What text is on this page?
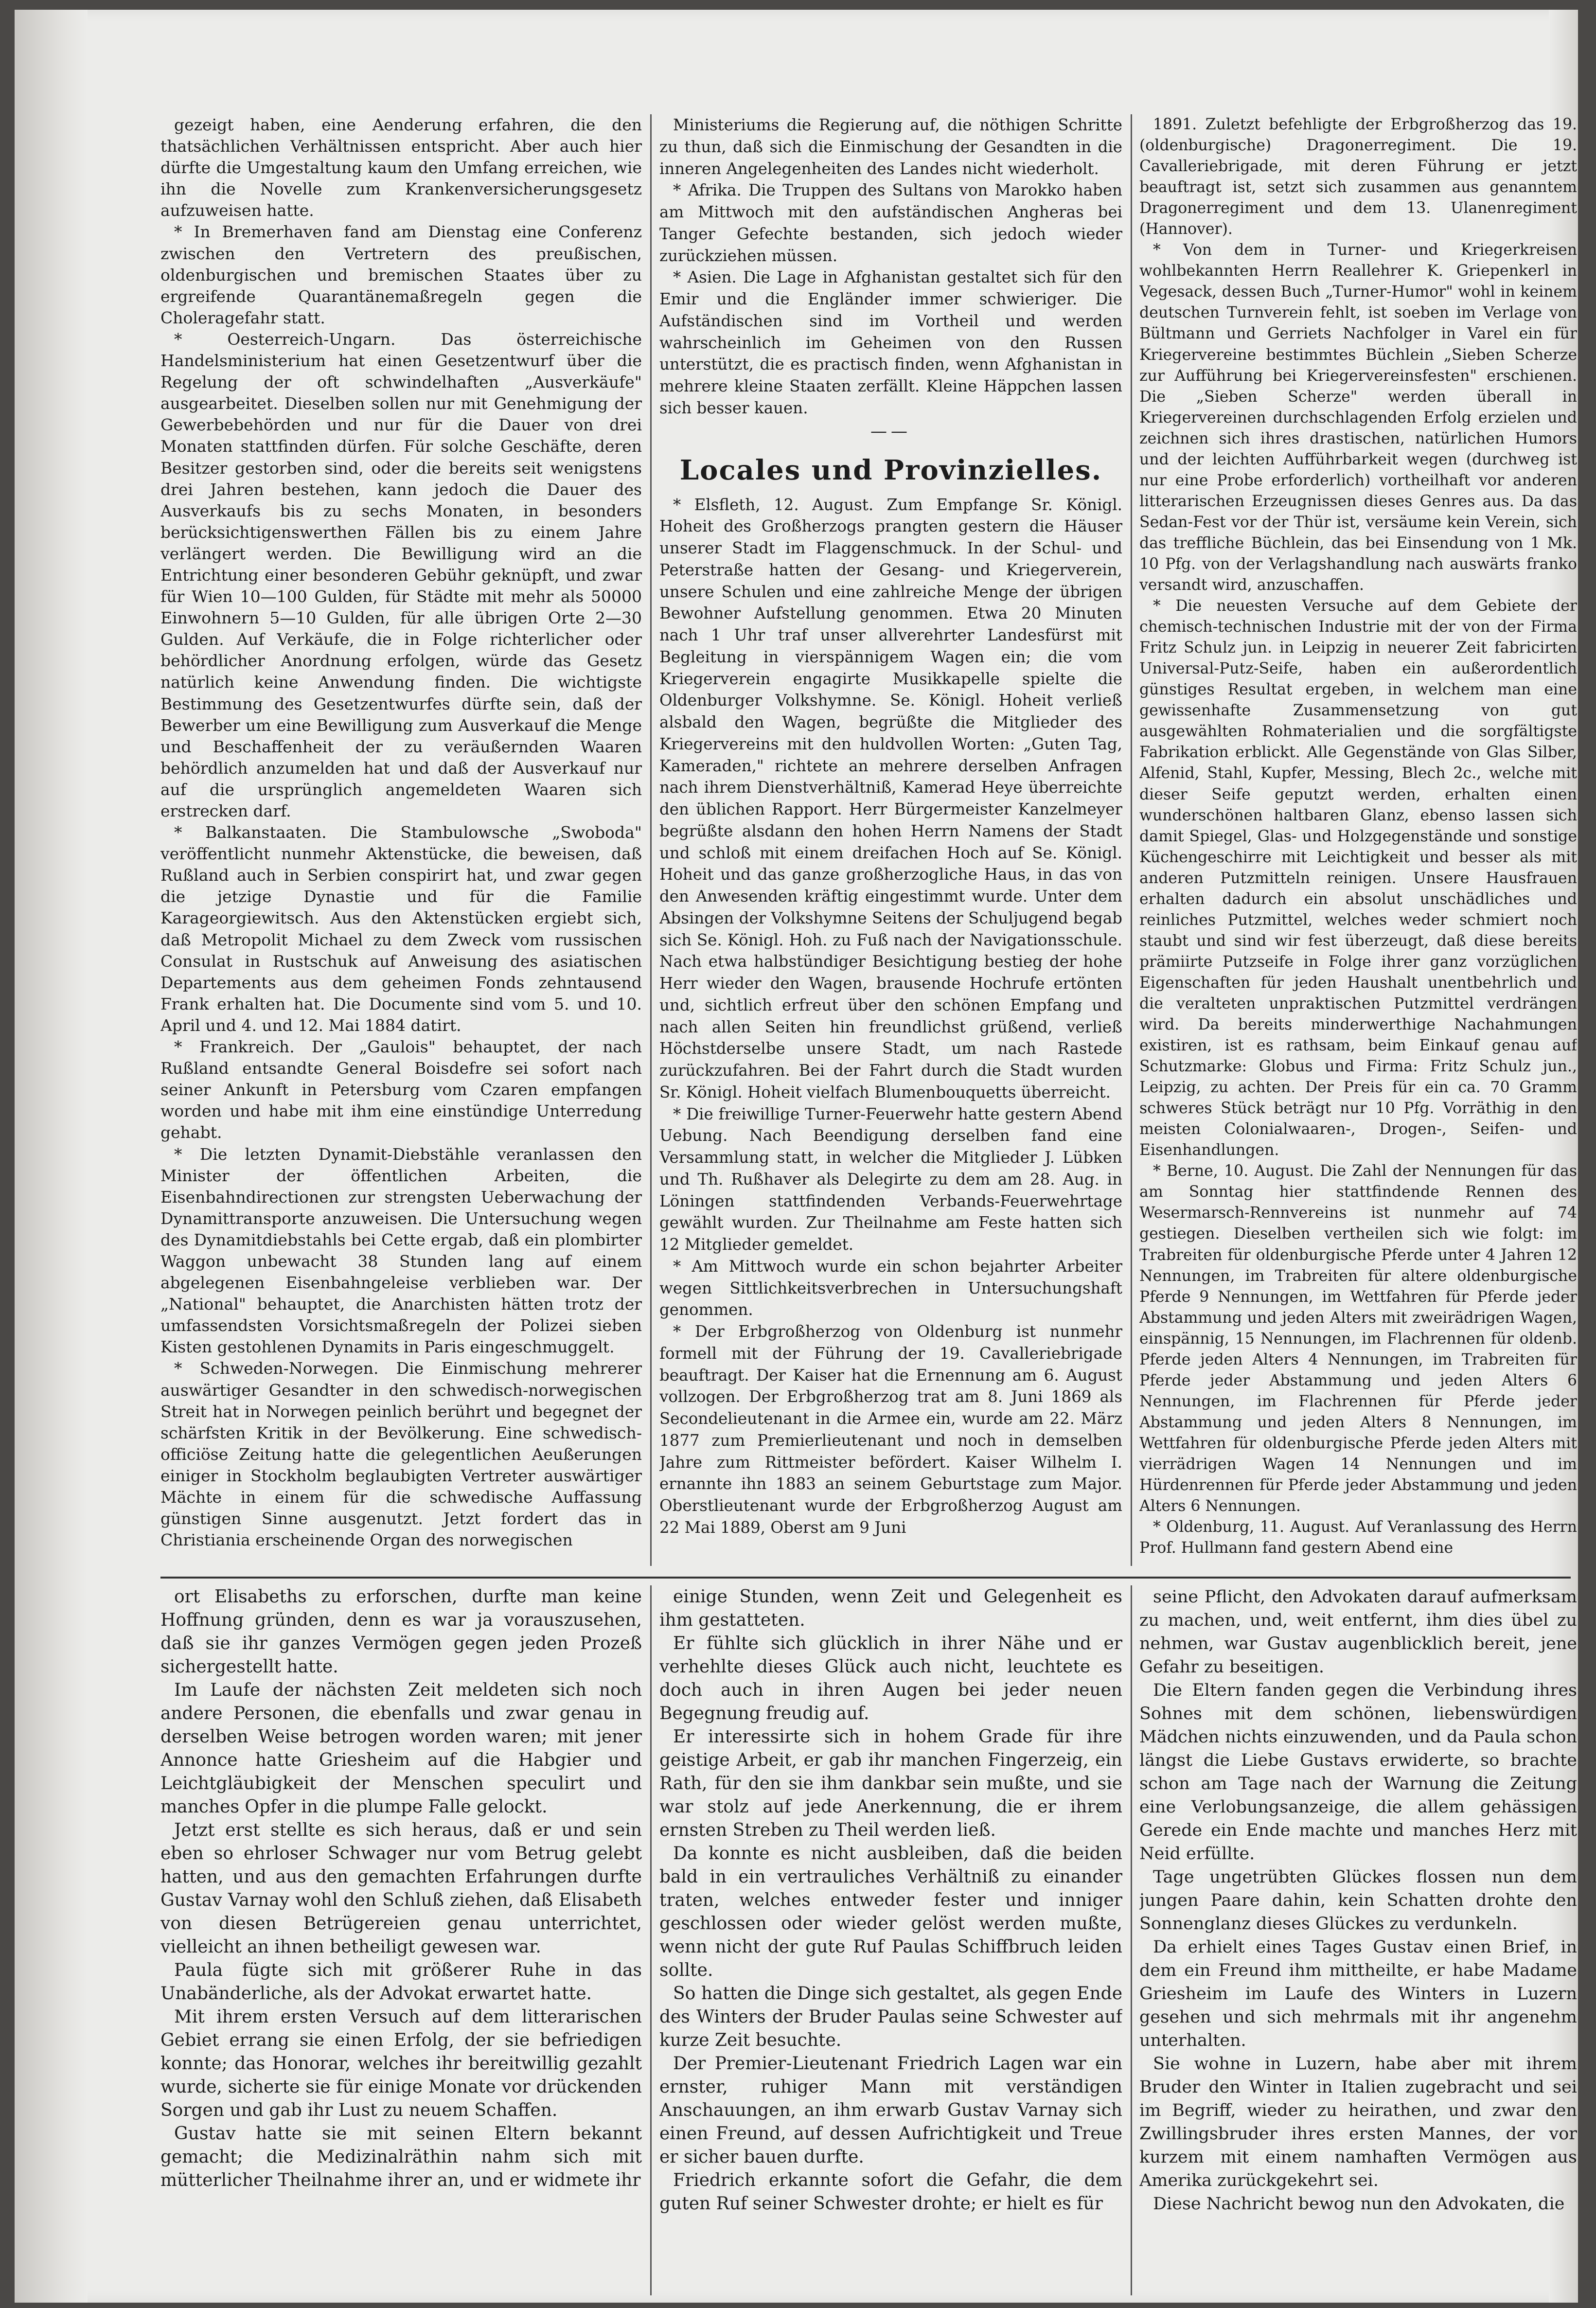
gezeigt haben, eine Aenderung erfahren, die den thatsächlichen Verhältnissen entspricht. Aber auch hier dürfte die Umgestaltung kaum den Umfang erreichen, wie ihn die Novelle zum Krankenversicherungsgesetz aufzuweisen hatte.

* In Bremerhaven fand am Dienstag eine Conferenz zwischen den Vertretern des preußischen, oldenburgischen und bremischen Staates über zu ergreifende Quarantänemaßregeln gegen die Choleragefahr statt.

* Oesterreich-Ungarn. Das österreichische Handelsministerium hat einen Gesetzentwurf über die Regelung der oft schwindelhaften „Ausverkäufe" ausgearbeitet. Dieselben sollen nur mit Genehmigung der Gewerbebehörden und nur für die Dauer von drei Monaten stattfinden dürfen. Für solche Geschäfte, deren Besitzer gestorben sind, oder die bereits seit wenigstens drei Jahren bestehen, kann jedoch die Dauer des Ausverkaufs bis zu sechs Monaten, in besonders berücksichtigenswerthen Fällen bis zu einem Jahre verlängert werden. Die Bewilligung wird an die Entrichtung einer besonderen Gebühr geknüpft, und zwar für Wien 10—100 Gulden, für Städte mit mehr als 50000 Einwohnern 5—10 Gulden, für alle übrigen Orte 2—30 Gulden. Auf Verkäufe, die in Folge richterlicher oder behördlicher Anordnung erfolgen, würde das Gesetz natürlich keine Anwendung finden. Die wichtigste Bestimmung des Gesetzentwurfes dürfte sein, daß der Bewerber um eine Bewilligung zum Ausverkauf die Menge und Beschaffenheit der zu veräußernden Waaren behördlich anzumelden hat und daß der Ausverkauf nur auf die ursprünglich angemeldeten Waaren sich erstrecken darf.

* Balkanstaaten. Die Stambulowsche „Swoboda" veröffentlicht nunmehr Aktenstücke, die beweisen, daß Rußland auch in Serbien conspirirt hat, und zwar gegen die jetzige Dynastie und für die Familie Karageorgiewitsch. Aus den Aktenstücken ergiebt sich, daß Metropolit Michael zu dem Zweck vom russischen Consulat in Rustschuk auf Anweisung des asiatischen Departements aus dem geheimen Fonds zehntausend Frank erhalten hat. Die Documente sind vom 5. und 10. April und 4. und 12. Mai 1884 datirt.

* Frankreich. Der „Gaulois" behauptet, der nach Rußland entsandte General Boisdefre sei sofort nach seiner Ankunft in Petersburg vom Czaren empfangen worden und habe mit ihm eine einstündige Unterredung gehabt.

* Die letzten Dynamit-Diebstähle veranlassen den Minister der öffentlichen Arbeiten, die Eisenbahndirectionen zur strengsten Ueberwachung der Dynamittransporte anzuweisen. Die Untersuchung wegen des Dynamitdiebstahls bei Cette ergab, daß ein plombirter Waggon unbewacht 38 Stunden lang auf einem abgelegenen Eisenbahngeleise verblieben war. Der „National" behauptet, die Anarchisten hätten trotz der umfassendsten Vorsichtsmaßregeln der Polizei sieben Kisten gestohlenen Dynamits in Paris eingeschmuggelt.

* Schweden-Norwegen. Die Einmischung mehrerer auswärtiger Gesandter in den schwedisch-norwegischen Streit hat in Norwegen peinlich berührt und begegnet der schärfsten Kritik in der Bevölkerung. Eine schwedisch-officiöse Zeitung hatte die gelegentlichen Aeußerungen einiger in Stockholm beglaubigten Vertreter auswärtiger Mächte in einem für die schwedische Auffassung günstigen Sinne ausgenutzt. Jetzt fordert das in Christiania erscheinende Organ des norwegischen

Ministeriums die Regierung auf, die nöthigen Schritte zu thun, daß sich die Einmischung der Gesandten in die inneren Angelegenheiten des Landes nicht wiederholt.

* Afrika. Die Truppen des Sultans von Marokko haben am Mittwoch mit den aufständischen Angheras bei Tanger Gefechte bestanden, sich jedoch wieder zurückziehen müssen.

* Asien. Die Lage in Afghanistan gestaltet sich für den Emir und die Engländer immer schwieriger. Die Aufständischen sind im Vortheil und werden wahrscheinlich im Geheimen von den Russen unterstützt, die es practisch finden, wenn Afghanistan in mehrere kleine Staaten zerfällt. Kleine Häppchen lassen sich besser kauen.

——

Locales und Provinzielles.

* Elsfleth, 12. August. Zum Empfange Sr. Königl. Hoheit des Großherzogs prangten gestern die Häuser unserer Stadt im Flaggenschmuck. In der Schul- und Peterstraße hatten der Gesang- und Kriegerverein, unsere Schulen und eine zahlreiche Menge der übrigen Bewohner Aufstellung genommen. Etwa 20 Minuten nach 1 Uhr traf unser allverehrter Landesfürst mit Begleitung in vierspännigem Wagen ein; die vom Kriegerverein engagirte Musikkapelle spielte die Oldenburger Volkshymne. Se. Königl. Hoheit verließ alsbald den Wagen, begrüßte die Mitglieder des Kriegervereins mit den huldvollen Worten: „Guten Tag, Kameraden," richtete an mehrere derselben Anfragen nach ihrem Dienstverhältniß, Kamerad Heye überreichte den üblichen Rapport. Herr Bürgermeister Kanzelmeyer begrüßte alsdann den hohen Herrn Namens der Stadt und schloß mit einem dreifachen Hoch auf Se. Königl. Hoheit und das ganze großherzogliche Haus, in das von den Anwesenden kräftig eingestimmt wurde. Unter dem Absingen der Volkshymne Seitens der Schuljugend begab sich Se. Königl. Hoh. zu Fuß nach der Navigationsschule. Nach etwa halbstündiger Besichtigung bestieg der hohe Herr wieder den Wagen, brausende Hochrufe ertönten und, sichtlich erfreut über den schönen Empfang und nach allen Seiten hin freundlichst grüßend, verließ Höchstderselbe unsere Stadt, um nach Rastede zurückzufahren. Bei der Fahrt durch die Stadt wurden Sr. Königl. Hoheit vielfach Blumenbouquetts überreicht.

* Die freiwillige Turner-Feuerwehr hatte gestern Abend Uebung. Nach Beendigung derselben fand eine Versammlung statt, in welcher die Mitglieder J. Lübken und Th. Rußhaver als Delegirte zu dem am 28. Aug. in Löningen stattfindenden Verbands-Feuerwehrtage gewählt wurden. Zur Theilnahme am Feste hatten sich 12 Mitglieder gemeldet.

* Am Mittwoch wurde ein schon bejahrter Arbeiter wegen Sittlichkeitsverbrechen in Untersuchungshaft genommen.

* Der Erbgroßherzog von Oldenburg ist nunmehr formell mit der Führung der 19. Cavalleriebrigade beauftragt. Der Kaiser hat die Ernennung am 6. August vollzogen. Der Erbgroßherzog trat am 8. Juni 1869 als Secondelieutenant in die Armee ein, wurde am 22. März 1877 zum Premierlieutenant und noch in demselben Jahre zum Rittmeister befördert. Kaiser Wilhelm I. ernannte ihn 1883 an seinem Geburtstage zum Major. Oberstlieutenant wurde der Erbgroßherzog August am 22 Mai 1889, Oberst am 9 Juni

1891. Zuletzt befehligte der Erbgroßherzog das 19. (oldenburgische) Dragonerregiment. Die 19. Cavalleriebrigade, mit deren Führung er jetzt beauftragt ist, setzt sich zusammen aus genanntem Dragonerregiment und dem 13. Ulanenregiment (Hannover).

* Von dem in Turner- und Kriegerkreisen wohlbekannten Herrn Reallehrer K. Griepenkerl in Vegesack, dessen Buch „Turner-Humor" wohl in keinem deutschen Turnverein fehlt, ist soeben im Verlage von Bültmann und Gerriets Nachfolger in Varel ein für Kriegervereine bestimmtes Büchlein „Sieben Scherze zur Aufführung bei Kriegervereinsfesten" erschienen. Die „Sieben Scherze" werden überall in Kriegervereinen durchschlagenden Erfolg erzielen und zeichnen sich ihres drastischen, natürlichen Humors und der leichten Aufführbarkeit wegen (durchweg ist nur eine Probe erforderlich) vortheilhaft vor anderen litterarischen Erzeugnissen dieses Genres aus. Da das Sedan-Fest vor der Thür ist, versäume kein Verein, sich das treffliche Büchlein, das bei Einsendung von 1 Mk. 10 Pfg. von der Verlagshandlung nach auswärts franko versandt wird, anzuschaffen.

* Die neuesten Versuche auf dem Gebiete der chemisch-technischen Industrie mit der von der Firma Fritz Schulz jun. in Leipzig in neuerer Zeit fabricirten Universal-Putz-Seife, haben ein außerordentlich günstiges Resultat ergeben, in welchem man eine gewissenhafte Zusammensetzung von gut ausgewählten Rohmaterialien und die sorgfältigste Fabrikation erblickt. Alle Gegenstände von Glas Silber, Alfenid, Stahl, Kupfer, Messing, Blech 2c., welche mit dieser Seife geputzt werden, erhalten einen wunderschönen haltbaren Glanz, ebenso lassen sich damit Spiegel, Glas- und Holzgegenstände und sonstige Küchengeschirre mit Leichtigkeit und besser als mit anderen Putzmitteln reinigen. Unsere Hausfrauen erhalten dadurch ein absolut unschädliches und reinliches Putzmittel, welches weder schmiert noch staubt und sind wir fest überzeugt, daß diese bereits prämiirte Putzseife in Folge ihrer ganz vorzüglichen Eigenschaften für jeden Haushalt unentbehrlich und die veralteten unpraktischen Putzmittel verdrängen wird. Da bereits minderwerthige Nachahmungen existiren, ist es rathsam, beim Einkauf genau auf Schutzmarke: Globus und Firma: Fritz Schulz jun., Leipzig, zu achten. Der Preis für ein ca. 70 Gramm schweres Stück beträgt nur 10 Pfg. Vorräthig in den meisten Colonialwaaren-, Drogen-, Seifen- und Eisenhandlungen.

* Berne, 10. August. Die Zahl der Nennungen für das am Sonntag hier stattfindende Rennen des Wesermarsch-Rennvereins ist nunmehr auf 74 gestiegen. Dieselben vertheilen sich wie folgt: im Trabreiten für oldenburgische Pferde unter 4 Jahren 12 Nennungen, im Trabreiten für altere oldenburgische Pferde 9 Nennungen, im Wettfahren für Pferde jeder Abstammung und jeden Alters mit zweirädrigen Wagen, einspännig, 15 Nennungen, im Flachrennen für oldenb. Pferde jeden Alters 4 Nennungen, im Trabreiten für Pferde jeder Abstammung und jeden Alters 6 Nennungen, im Flachrennen für Pferde jeder Abstammung und jeden Alters 8 Nennungen, im Wettfahren für oldenburgische Pferde jeden Alters mit vierrädrigen Wagen 14 Nennungen und im Hürdenrennen für Pferde jeder Abstammung und jeden Alters 6 Nennungen.

* Oldenburg, 11. August. Auf Veranlassung des Herrn Prof. Hullmann fand gestern Abend eine

ort Elisabeths zu erforschen, durfte man keine Hoffnung gründen, denn es war ja vorauszusehen, daß sie ihr ganzes Vermögen gegen jeden Prozeß sichergestellt hatte.

Im Laufe der nächsten Zeit meldeten sich noch andere Personen, die ebenfalls und zwar genau in derselben Weise betrogen worden waren; mit jener Annonce hatte Griesheim auf die Habgier und Leichtgläubigkeit der Menschen speculirt und manches Opfer in die plumpe Falle gelockt.

Jetzt erst stellte es sich heraus, daß er und sein eben so ehrloser Schwager nur vom Betrug gelebt hatten, und aus den gemachten Erfahrungen durfte Gustav Varnay wohl den Schluß ziehen, daß Elisabeth von diesen Betrügereien genau unterrichtet, vielleicht an ihnen betheiligt gewesen war.

Paula fügte sich mit größerer Ruhe in das Unabänderliche, als der Advokat erwartet hatte.

Mit ihrem ersten Versuch auf dem litterarischen Gebiet errang sie einen Erfolg, der sie befriedigen konnte; das Honorar, welches ihr bereitwillig gezahlt wurde, sicherte sie für einige Monate vor drückenden Sorgen und gab ihr Lust zu neuem Schaffen.

Gustav hatte sie mit seinen Eltern bekannt gemacht; die Medizinalräthin nahm sich mit mütterlicher Theilnahme ihrer an, und er widmete ihr

einige Stunden, wenn Zeit und Gelegenheit es ihm gestatteten.

Er fühlte sich glücklich in ihrer Nähe und er verhehlte dieses Glück auch nicht, leuchtete es doch auch in ihren Augen bei jeder neuen Begegnung freudig auf.

Er interessirte sich in hohem Grade für ihre geistige Arbeit, er gab ihr manchen Fingerzeig, ein Rath, für den sie ihm dankbar sein mußte, und sie war stolz auf jede Anerkennung, die er ihrem ernsten Streben zu Theil werden ließ.

Da konnte es nicht ausbleiben, daß die beiden bald in ein vertrauliches Verhältniß zu einander traten, welches entweder fester und inniger geschlossen oder wieder gelöst werden mußte, wenn nicht der gute Ruf Paulas Schiffbruch leiden sollte.

So hatten die Dinge sich gestaltet, als gegen Ende des Winters der Bruder Paulas seine Schwester auf kurze Zeit besuchte.

Der Premier-Lieutenant Friedrich Lagen war ein ernster, ruhiger Mann mit verständigen Anschauungen, an ihm erwarb Gustav Varnay sich einen Freund, auf dessen Aufrichtigkeit und Treue er sicher bauen durfte.

Friedrich erkannte sofort die Gefahr, die dem guten Ruf seiner Schwester drohte; er hielt es für

seine Pflicht, den Advokaten darauf aufmerksam zu machen, und, weit entfernt, ihm dies übel zu nehmen, war Gustav augenblicklich bereit, jene Gefahr zu beseitigen.

Die Eltern fanden gegen die Verbindung ihres Sohnes mit dem schönen, liebenswürdigen Mädchen nichts einzuwenden, und da Paula schon längst die Liebe Gustavs erwiderte, so brachte schon am Tage nach der Warnung die Zeitung eine Verlobungsanzeige, die allem gehässigen Gerede ein Ende machte und manches Herz mit Neid erfüllte.

Tage ungetrübten Glückes flossen nun dem jungen Paare dahin, kein Schatten drohte den Sonnenglanz dieses Glückes zu verdunkeln.

Da erhielt eines Tages Gustav einen Brief, in dem ein Freund ihm mittheilte, er habe Madame Griesheim im Laufe des Winters in Luzern gesehen und sich mehrmals mit ihr angenehm unterhalten.

Sie wohne in Luzern, habe aber mit ihrem Bruder den Winter in Italien zugebracht und sei im Begriff, wieder zu heirathen, und zwar den Zwillingsbruder ihres ersten Mannes, der vor kurzem mit einem namhaften Vermögen aus Amerika zurückgekehrt sei.

Diese Nachricht bewog nun den Advokaten, die
